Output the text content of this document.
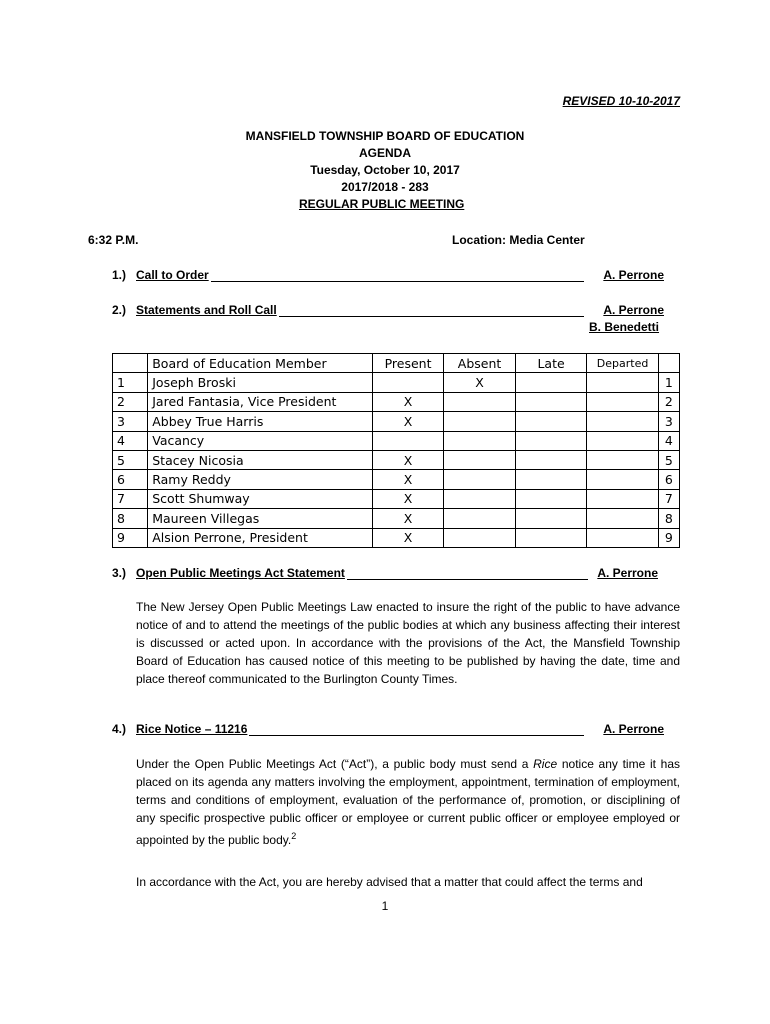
REVISED 10-10-2017
MANSFIELD TOWNSHIP BOARD OF EDUCATION
AGENDA
Tuesday, October 10, 2017
2017/2018 - 283
REGULAR PUBLIC MEETING
6:32 P.M.	Location: Media Center
1.) Call to Order	A. Perrone
2.) Statements and Roll Call	A. Perrone
B. Benedetti
	Board of Education Member	Present	Absent	Late	Departed	
1	Joseph Broski		X			1
2	Jared Fantasia, Vice President	X				2
3	Abbey True Harris	X				3
4	Vacancy					4
5	Stacey Nicosia	X				5
6	Ramy Reddy	X				6
7	Scott Shumway	X				7
8	Maureen Villegas	X				8
9	Alsion Perrone, President	X				9
3.) Open Public Meetings Act Statement	A. Perrone
The New Jersey Open Public Meetings Law enacted to insure the right of the public to have advance notice of and to attend the meetings of the public bodies at which any business affecting their interest is discussed or acted upon. In accordance with the provisions of the Act, the Mansfield Township Board of Education has caused notice of this meeting to be published by having the date, time and place thereof communicated to the Burlington County Times.
4.) Rice Notice – 11216	A. Perrone
Under the Open Public Meetings Act (“Act”), a public body must send a Rice notice any time it has placed on its agenda any matters involving the employment, appointment, termination of employment, terms and conditions of employment, evaluation of the performance of, promotion, or disciplining of any specific prospective public officer or employee or current public officer or employee employed or appointed by the public body.$^2$
In accordance with the Act, you are hereby advised that a matter that could affect the terms and
1
